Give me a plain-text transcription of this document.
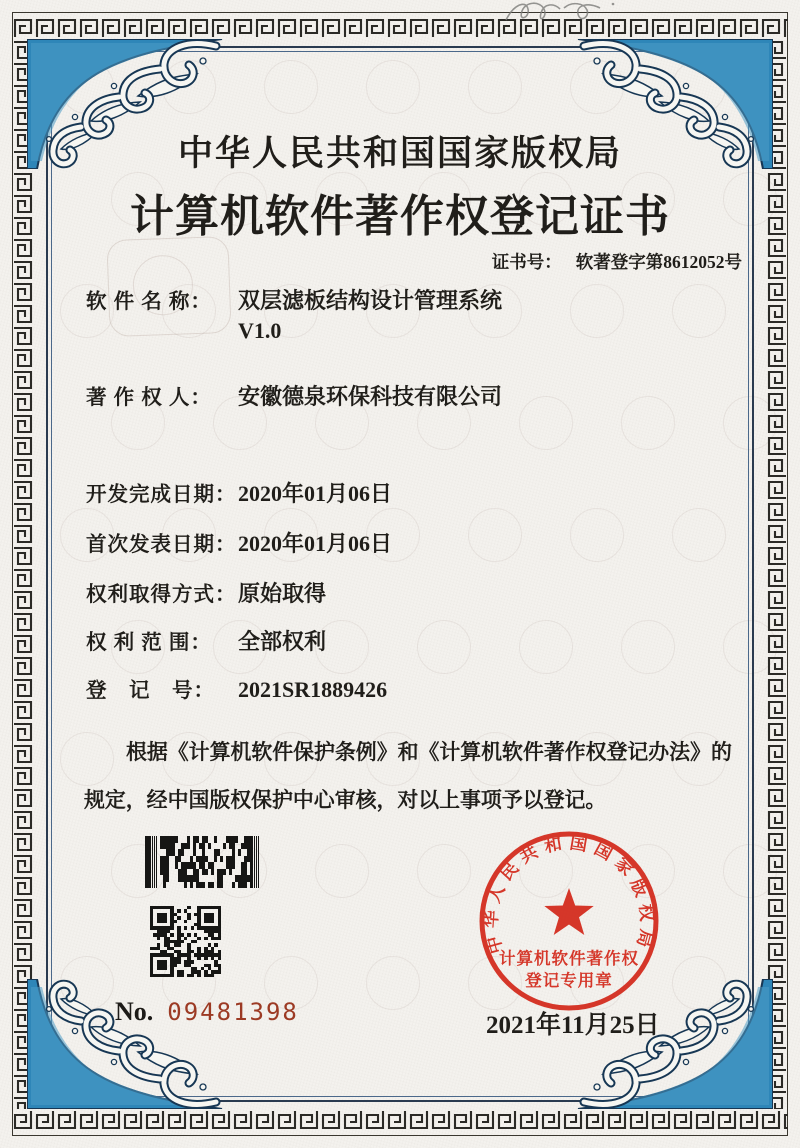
中华人民共和国国家版权局
计算机软件著作权登记证书
证书号： 软著登字第8612052号
软 件 名 称： 双层滤板结构设计管理系统
V1.0
著 作 权 人： 安徽德泉环保科技有限公司
开发完成日期：2020年01月06日
首次发表日期：2020年01月06日
权利取得方式：原始取得
权 利 范 围： 全部权利
登　记　号： 2021SR1889426
根据《计算机软件保护条例》和《计算机软件著作权登记办法》的
规定，经中国版权保护中心审核，对以上事项予以登记。
No. 09481398
中华人民共和国国家版权局
计算机软件著作权
登记专用章
2021年11月25日
